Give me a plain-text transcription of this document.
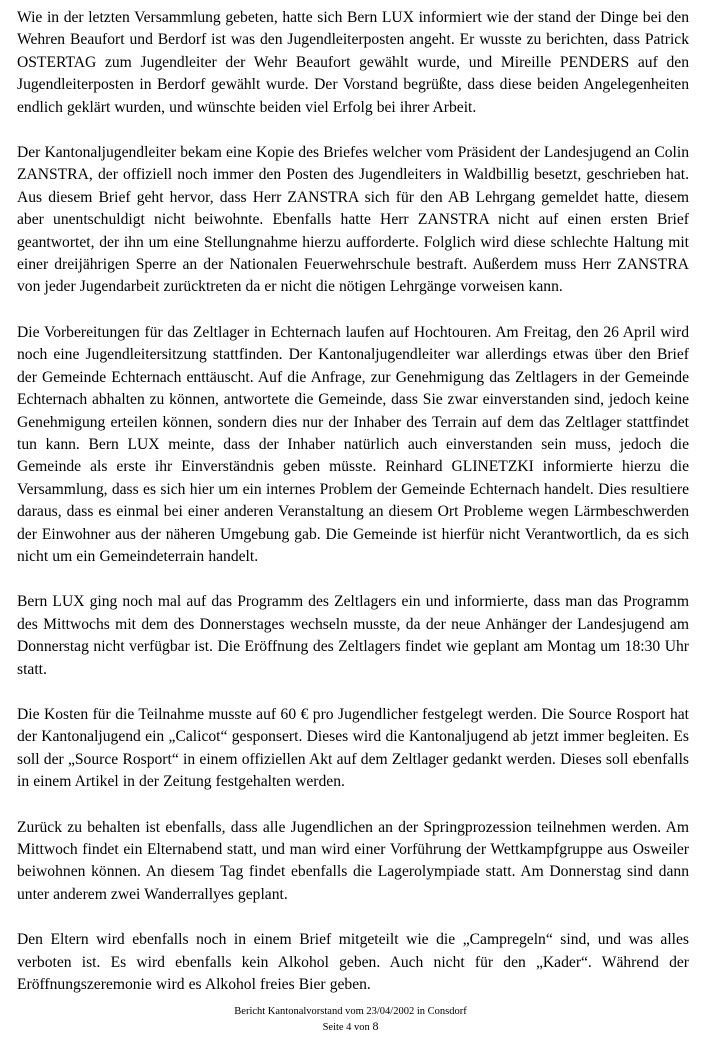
Wie in der letzten Versammlung gebeten, hatte sich Bern LUX informiert wie der stand der Dinge bei den Wehren Beaufort und Berdorf ist was den Jugendleiterposten angeht. Er wusste zu berichten, dass Patrick OSTERTAG zum Jugendleiter der Wehr Beaufort gewählt wurde, und Mireille PENDERS auf den Jugendleiterposten in Berdorf gewählt wurde. Der Vorstand begrüßte, dass diese beiden Angelegenheiten endlich geklärt wurden, und wünschte beiden viel Erfolg bei ihrer Arbeit.

Der Kantonaljugendleiter bekam eine Kopie des Briefes welcher vom Präsident der Landesjugend an Colin ZANSTRA, der offiziell noch immer den Posten des Jugendleiters in Waldbillig besetzt, geschrieben hat. Aus diesem Brief geht hervor, dass Herr ZANSTRA sich für den AB Lehrgang gemeldet hatte, diesem aber unentschuldigt nicht beiwohnte. Ebenfalls hatte Herr ZANSTRA nicht auf einen ersten Brief geantwortet, der ihn um eine Stellungnahme hierzu aufforderte. Folglich wird diese schlechte Haltung mit einer dreijährigen Sperre an der Nationalen Feuerwehrschule bestraft. Außerdem muss Herr ZANSTRA von jeder Jugendarbeit zurücktreten da er nicht die nötigen Lehrgänge vorweisen kann.

Die Vorbereitungen für das Zeltlager in Echternach laufen auf Hochtouren. Am Freitag, den 26 April wird noch eine Jugendleitersitzung stattfinden. Der Kantonaljugendleiter war allerdings etwas über den Brief der Gemeinde Echternach enttäuscht. Auf die Anfrage, zur Genehmigung das Zeltlagers in der Gemeinde Echternach abhalten zu können, antwortete die Gemeinde, dass Sie zwar einverstanden sind, jedoch keine Genehmigung erteilen können, sondern dies nur der Inhaber des Terrain auf dem das Zeltlager stattfindet tun kann. Bern LUX meinte, dass der Inhaber natürlich auch einverstanden sein muss, jedoch die Gemeinde als erste ihr Einverständnis geben müsste. Reinhard GLINETZKI informierte hierzu die Versammlung, dass es sich hier um ein internes Problem der Gemeinde Echternach handelt. Dies resultiere daraus, dass es einmal bei einer anderen Veranstaltung an diesem Ort Probleme wegen Lärmbeschwerden der Einwohner aus der näheren Umgebung gab. Die Gemeinde ist hierfür nicht Verantwortlich, da es sich nicht um ein Gemeindeterrain handelt.

Bern LUX ging noch mal auf das Programm des Zeltlagers ein und informierte, dass man das Programm des Mittwochs mit dem des Donnerstages wechseln musste, da der neue Anhänger der Landesjugend am Donnerstag nicht verfügbar ist. Die Eröffnung des Zeltlagers findet wie geplant am Montag um 18:30 Uhr statt.

Die Kosten für die Teilnahme musste auf 60 € pro Jugendlicher festgelegt werden. Die Source Rosport hat der Kantonaljugend ein „Calicot“ gesponsert. Dieses wird die Kantonaljugend ab jetzt immer begleiten. Es soll der „Source Rosport“ in einem offiziellen Akt auf dem Zeltlager gedankt werden. Dieses soll ebenfalls in einem Artikel in der Zeitung festgehalten werden.

Zurück zu behalten ist ebenfalls, dass alle Jugendlichen an der Springprozession teilnehmen werden. Am Mittwoch findet ein Elternabend statt, und man wird einer Vorführung der Wettkampfgruppe aus Osweiler beiwohnen können. An diesem Tag findet ebenfalls die Lagerolympiade statt. Am Donnerstag sind dann unter anderem zwei Wanderrallyes geplant.

Den Eltern wird ebenfalls noch in einem Brief mitgeteilt wie die „Campregeln“ sind, und was alles verboten ist. Es wird ebenfalls kein Alkohol geben. Auch nicht für den „Kader“. Während der Eröffnungszeremonie wird es Alkohol freies Bier geben.

Bericht Kantonalvorstand vom 23/04/2002 in Consdorf
Seite 4 von 8
